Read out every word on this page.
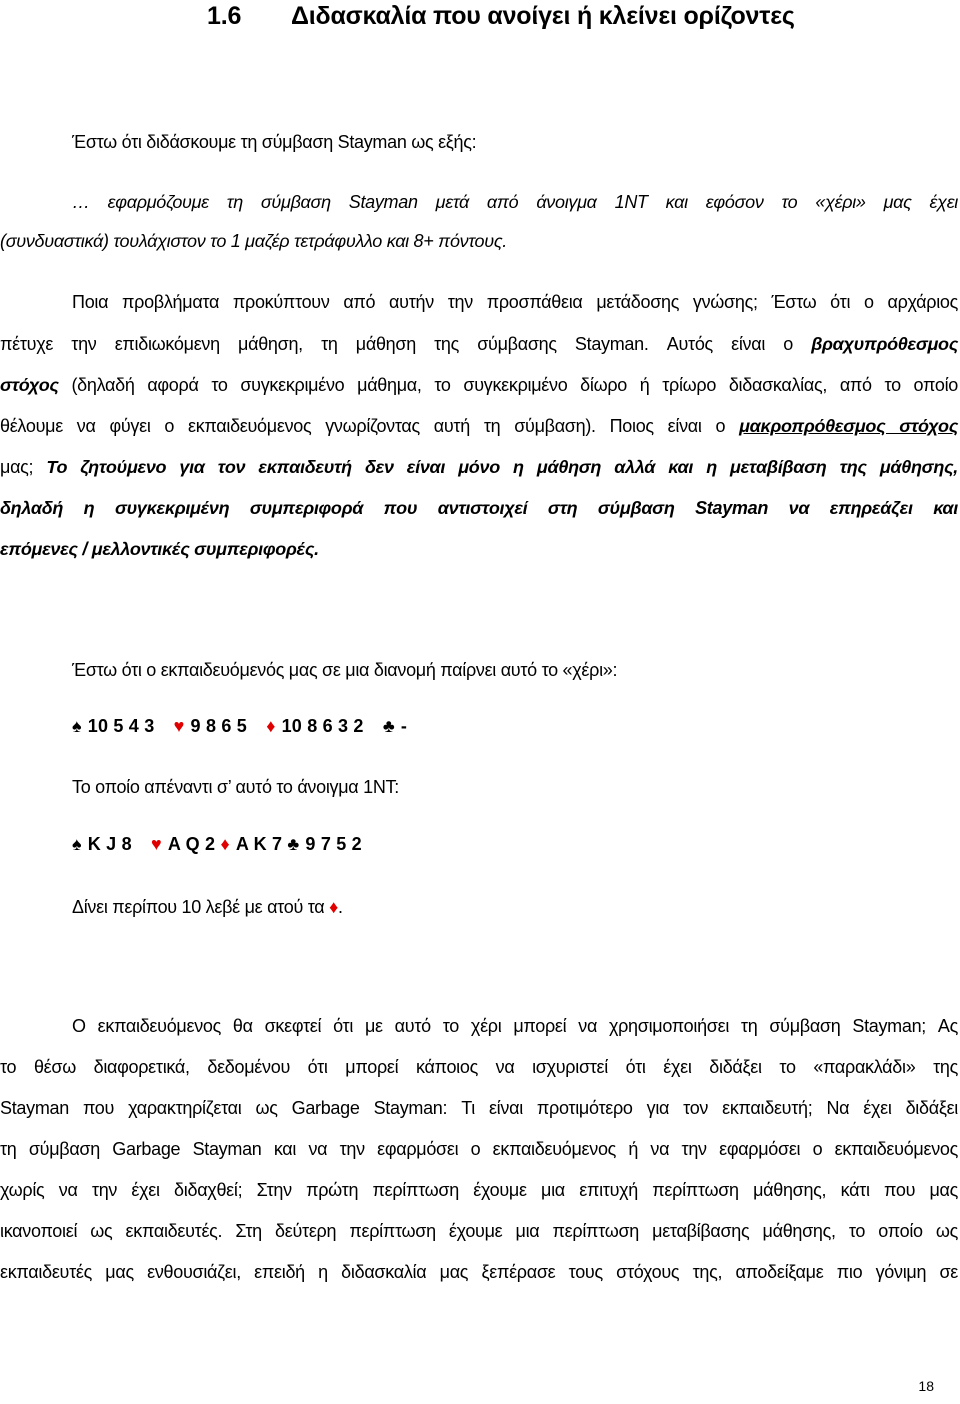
1.6 Διδασκαλία που ανοίγει ή κλείνει ορίζοντες
Έστω ότι διδάσκουμε τη σύμβαση Stayman ως εξής:
… εφαρμόζουμε τη σύμβαση Stayman μετά από άνοιγμα 1NT και εφόσον το «χέρι» μας έχει
(συνδυαστικά) τουλάχιστον το 1 μαζέρ τετράφυλλο και 8+ πόντους.
Ποια προβλήματα προκύπτουν από αυτήν την προσπάθεια μετάδοσης γνώσης; Έστω ότι ο αρχάριος
πέτυχε την επιδιωκόμενη μάθηση, τη μάθηση της σύμβασης Stayman. Αυτός είναι ο βραχυπρόθεσμος
στόχος (δηλαδή αφορά το συγκεκριμένο μάθημα, το συγκεκριμένο δίωρο ή τρίωρο διδασκαλίας, από το οποίο
θέλουμε να φύγει ο εκπαιδευόμενος γνωρίζοντας αυτή τη σύμβαση). Ποιος είναι ο μακροπρόθεσμος στόχος
μας; Το ζητούμενο για τον εκπαιδευτή δεν είναι μόνο η μάθηση αλλά και η μεταβίβαση της μάθησης,
δηλαδή η συγκεκριμένη συμπεριφορά που αντιστοιχεί στη σύμβαση Stayman να επηρεάζει και
επόμενες / μελλοντικές συμπεριφορές.
Έστω ότι ο εκπαιδευόμενός μας σε μια διανομή παίρνει αυτό το «χέρι»:
♠ 10 5 4 3 ♥ 9 8 6 5 ♦ 10 8 6 3 2 ♣ -
Το οποίο απέναντι σ’ αυτό το άνοιγμα 1NT:
♠ K J 8 ♥ A Q 2 ♦ A K 7 ♣ 9 7 5 2
Δίνει περίπου 10 λεβέ με ατού τα ♦.
Ο εκπαιδευόμενος θα σκεφτεί ότι με αυτό το χέρι μπορεί να χρησιμοποιήσει τη σύμβαση Stayman; Ας
το θέσω διαφορετικά, δεδομένου ότι μπορεί κάποιος να ισχυριστεί ότι έχει διδάξει το «παρακλάδι» της
Stayman που χαρακτηρίζεται ως Garbage Stayman: Τι είναι προτιμότερο για τον εκπαιδευτή; Να έχει διδάξει
τη σύμβαση Garbage Stayman και να την εφαρμόσει ο εκπαιδευόμενος ή να την εφαρμόσει ο εκπαιδευόμενος
χωρίς να την έχει διδαχθεί; Στην πρώτη περίπτωση έχουμε μια επιτυχή περίπτωση μάθησης, κάτι που μας
ικανοποιεί ως εκπαιδευτές. Στη δεύτερη περίπτωση έχουμε μια περίπτωση μεταβίβασης μάθησης, το οποίο ως
εκπαιδευτές μας ενθουσιάζει, επειδή η διδασκαλία μας ξεπέρασε τους στόχους της, αποδείξαμε πιο γόνιμη σε
18
